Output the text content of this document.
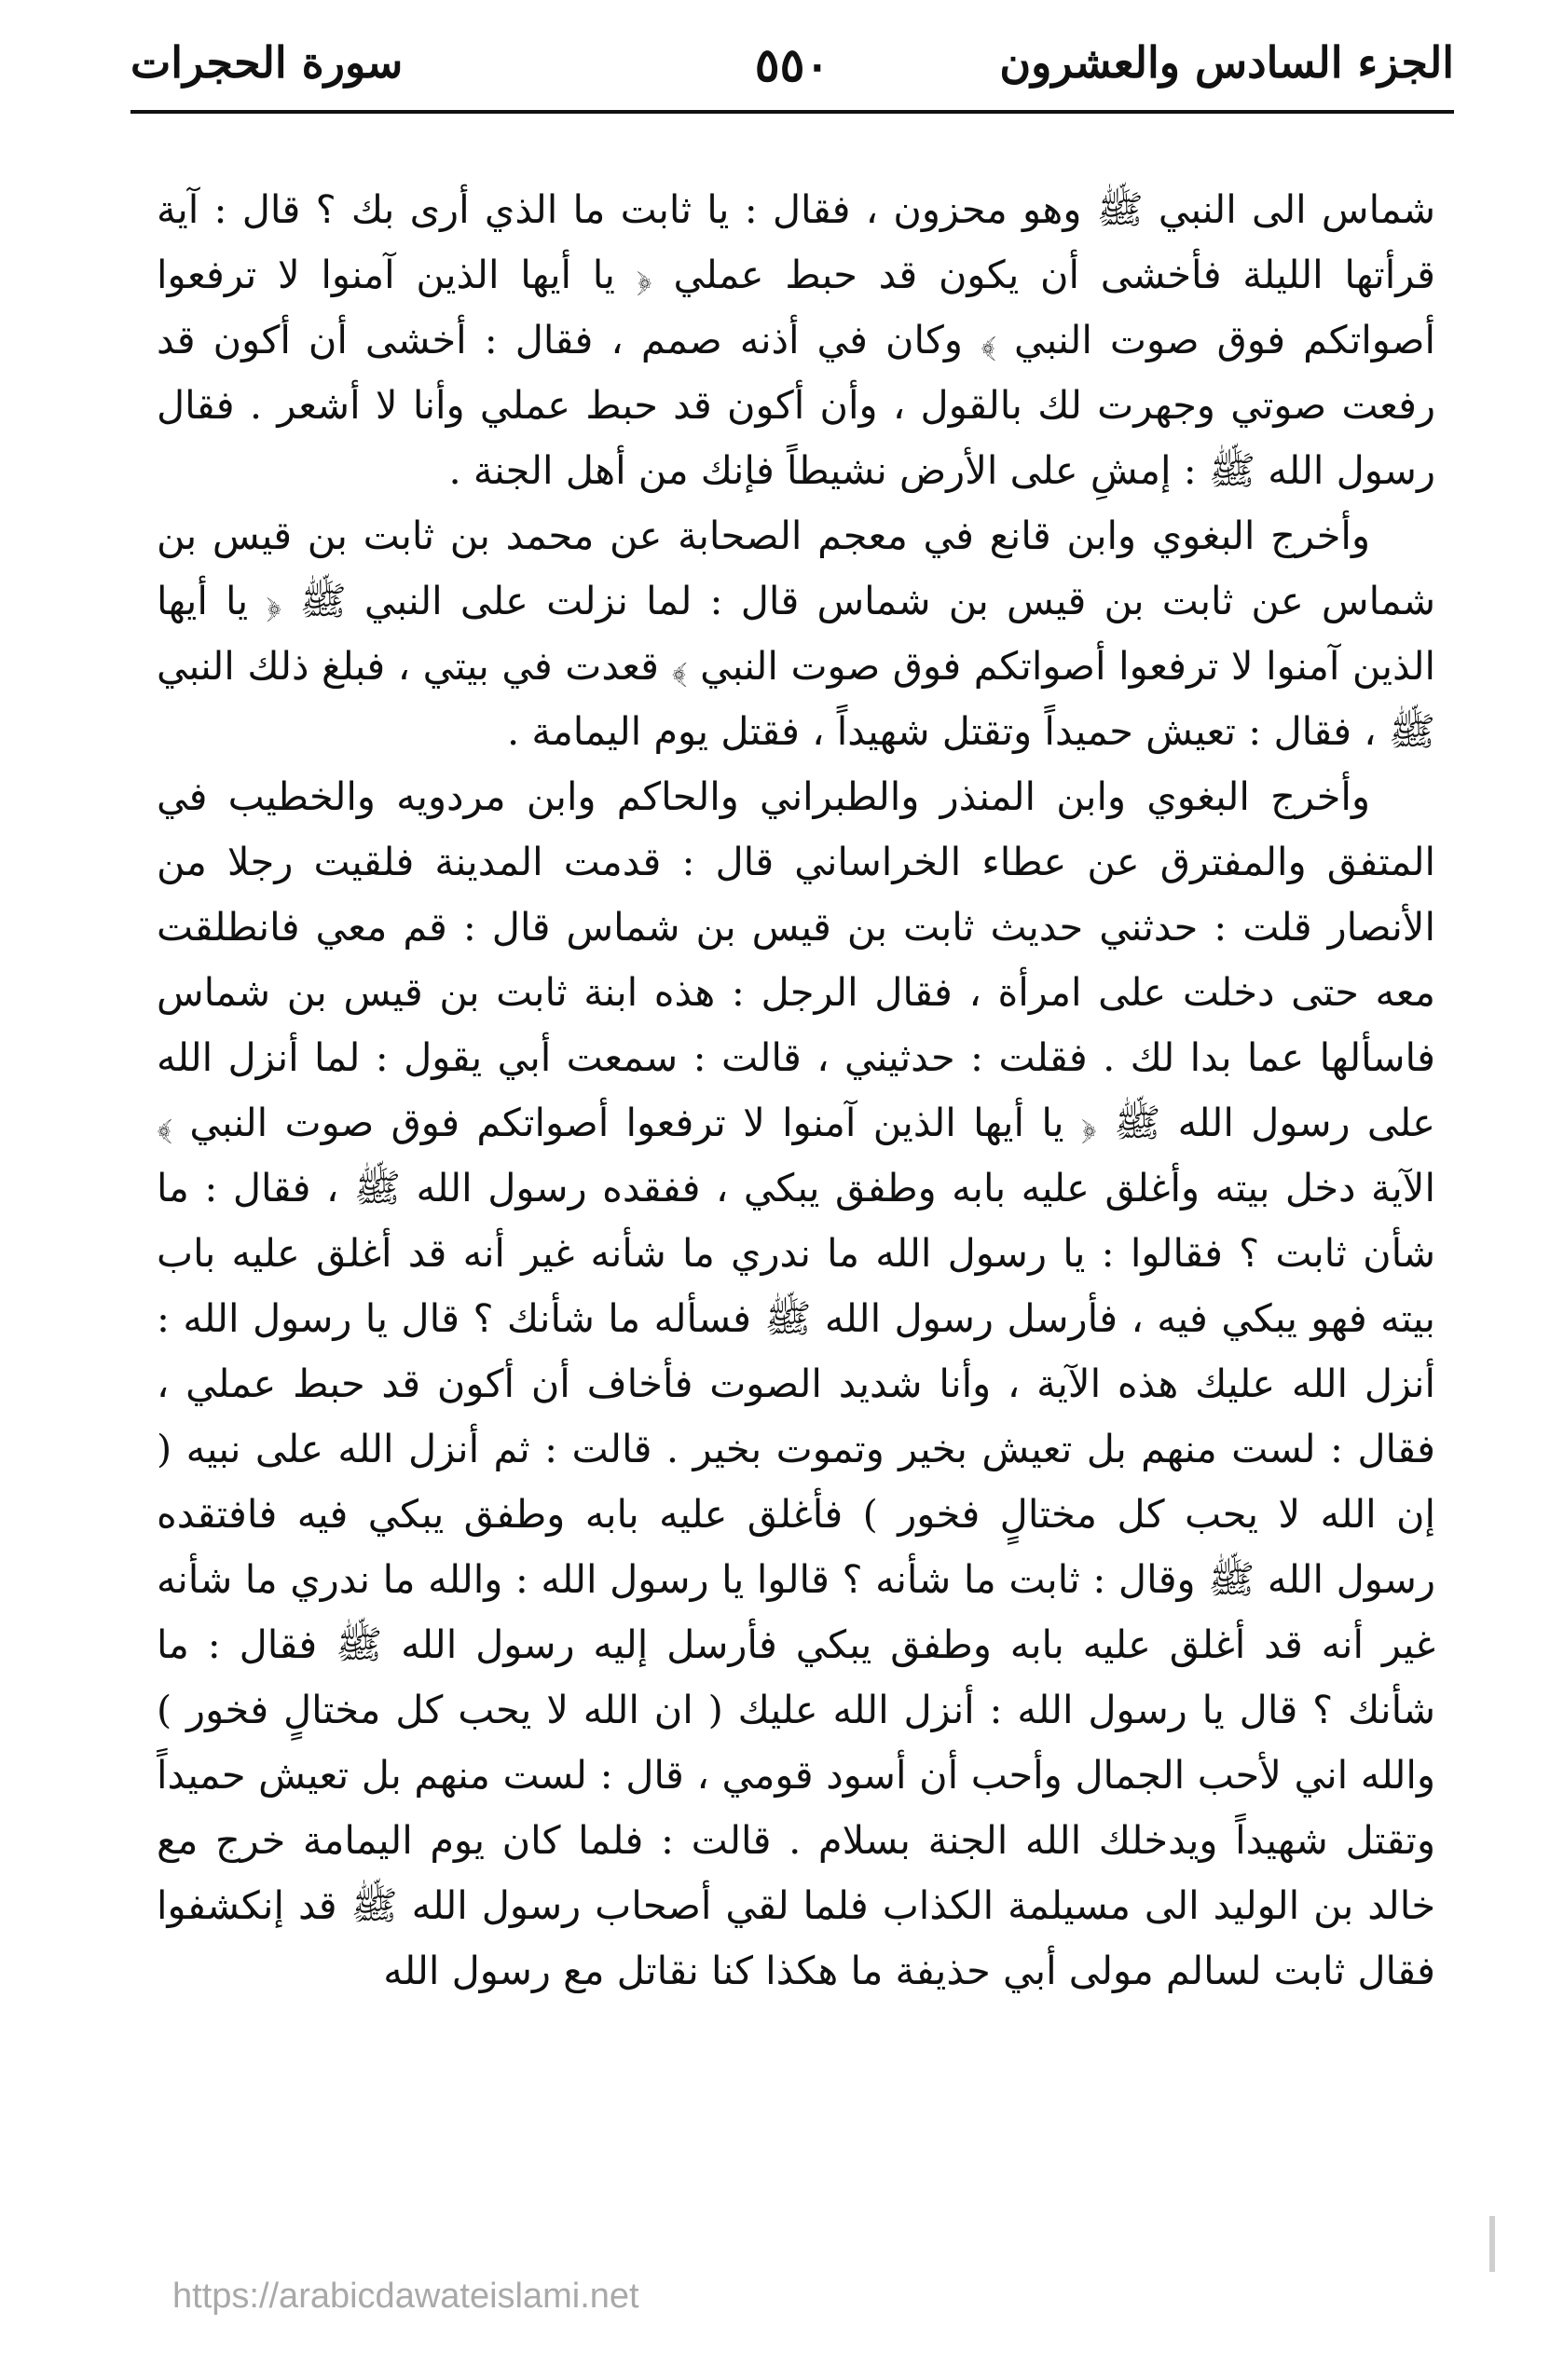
الجزء السادس والعشرون
٥٥٠
سورة الحجرات

شماس الى النبي ﷺ وهو محزون ، فقال : يا ثابت ما الذي أرى بك ؟ قال : آية قرأتها الليلة فأخشى أن يكون قد حبط عملي ﴿ يا أيها الذين آمنوا لا ترفعوا أصواتكم فوق صوت النبي ﴾ وكان في أذنه صمم ، فقال : أخشى أن أكون قد رفعت صوتي وجهرت لك بالقول ، وأن أكون قد حبط عملي وأنا لا أشعر . فقال رسول الله ﷺ : إمشِ على الأرض نشيطاً فإنك من أهل الجنة .

وأخرج البغوي وابن قانع في معجم الصحابة عن محمد بن ثابت بن قيس بن شماس عن ثابت بن قيس بن شماس قال : لما نزلت على النبي ﷺ ﴿ يا أيها الذين آمنوا لا ترفعوا أصواتكم فوق صوت النبي ﴾ قعدت في بيتي ، فبلغ ذلك النبي ﷺ ، فقال : تعيش حميداً وتقتل شهيداً ، فقتل يوم اليمامة .

وأخرج البغوي وابن المنذر والطبراني والحاكم وابن مردويه والخطيب في المتفق والمفترق عن عطاء الخراساني قال : قدمت المدينة فلقيت رجلا من الأنصار قلت : حدثني حديث ثابت بن قيس بن شماس قال : قم معي فانطلقت معه حتى دخلت على امرأة ، فقال الرجل : هذه ابنة ثابت بن قيس بن شماس فاسألها عما بدا لك . فقلت : حدثيني ، قالت : سمعت أبي يقول : لما أنزل الله على رسول الله ﷺ ﴿ يا أيها الذين آمنوا لا ترفعوا أصواتكم فوق صوت النبي ﴾ الآية دخل بيته وأغلق عليه بابه وطفق يبكي ، ففقده رسول الله ﷺ ، فقال : ما شأن ثابت ؟ فقالوا : يا رسول الله ما ندري ما شأنه غير أنه قد أغلق عليه باب بيته فهو يبكي فيه ، فأرسل رسول الله ﷺ فسأله ما شأنك ؟ قال يا رسول الله : أنزل الله عليك هذه الآية ، وأنا شديد الصوت فأخاف أن أكون قد حبط عملي ، فقال : لست منهم بل تعيش بخير وتموت بخير . قالت : ثم أنزل الله على نبيه ( إن الله لا يحب كل مختالٍ فخور ) فأغلق عليه بابه وطفق يبكي فيه فافتقده رسول الله ﷺ وقال : ثابت ما شأنه ؟ قالوا يا رسول الله : والله ما ندري ما شأنه غير أنه قد أغلق عليه بابه وطفق يبكي فأرسل إليه رسول الله ﷺ فقال : ما شأنك ؟ قال يا رسول الله : أنزل الله عليك ( ان الله لا يحب كل مختالٍ فخور ) والله اني لأحب الجمال وأحب أن أسود قومي ، قال : لست منهم بل تعيش حميداً وتقتل شهيداً ويدخلك الله الجنة بسلام . قالت : فلما كان يوم اليمامة خرج مع خالد بن الوليد الى مسيلمة الكذاب فلما لقي أصحاب رسول الله ﷺ قد إنكشفوا فقال ثابت لسالم مولى أبي حذيفة ما هكذا كنا نقاتل مع رسول الله

https://arabicdawateislami.net
